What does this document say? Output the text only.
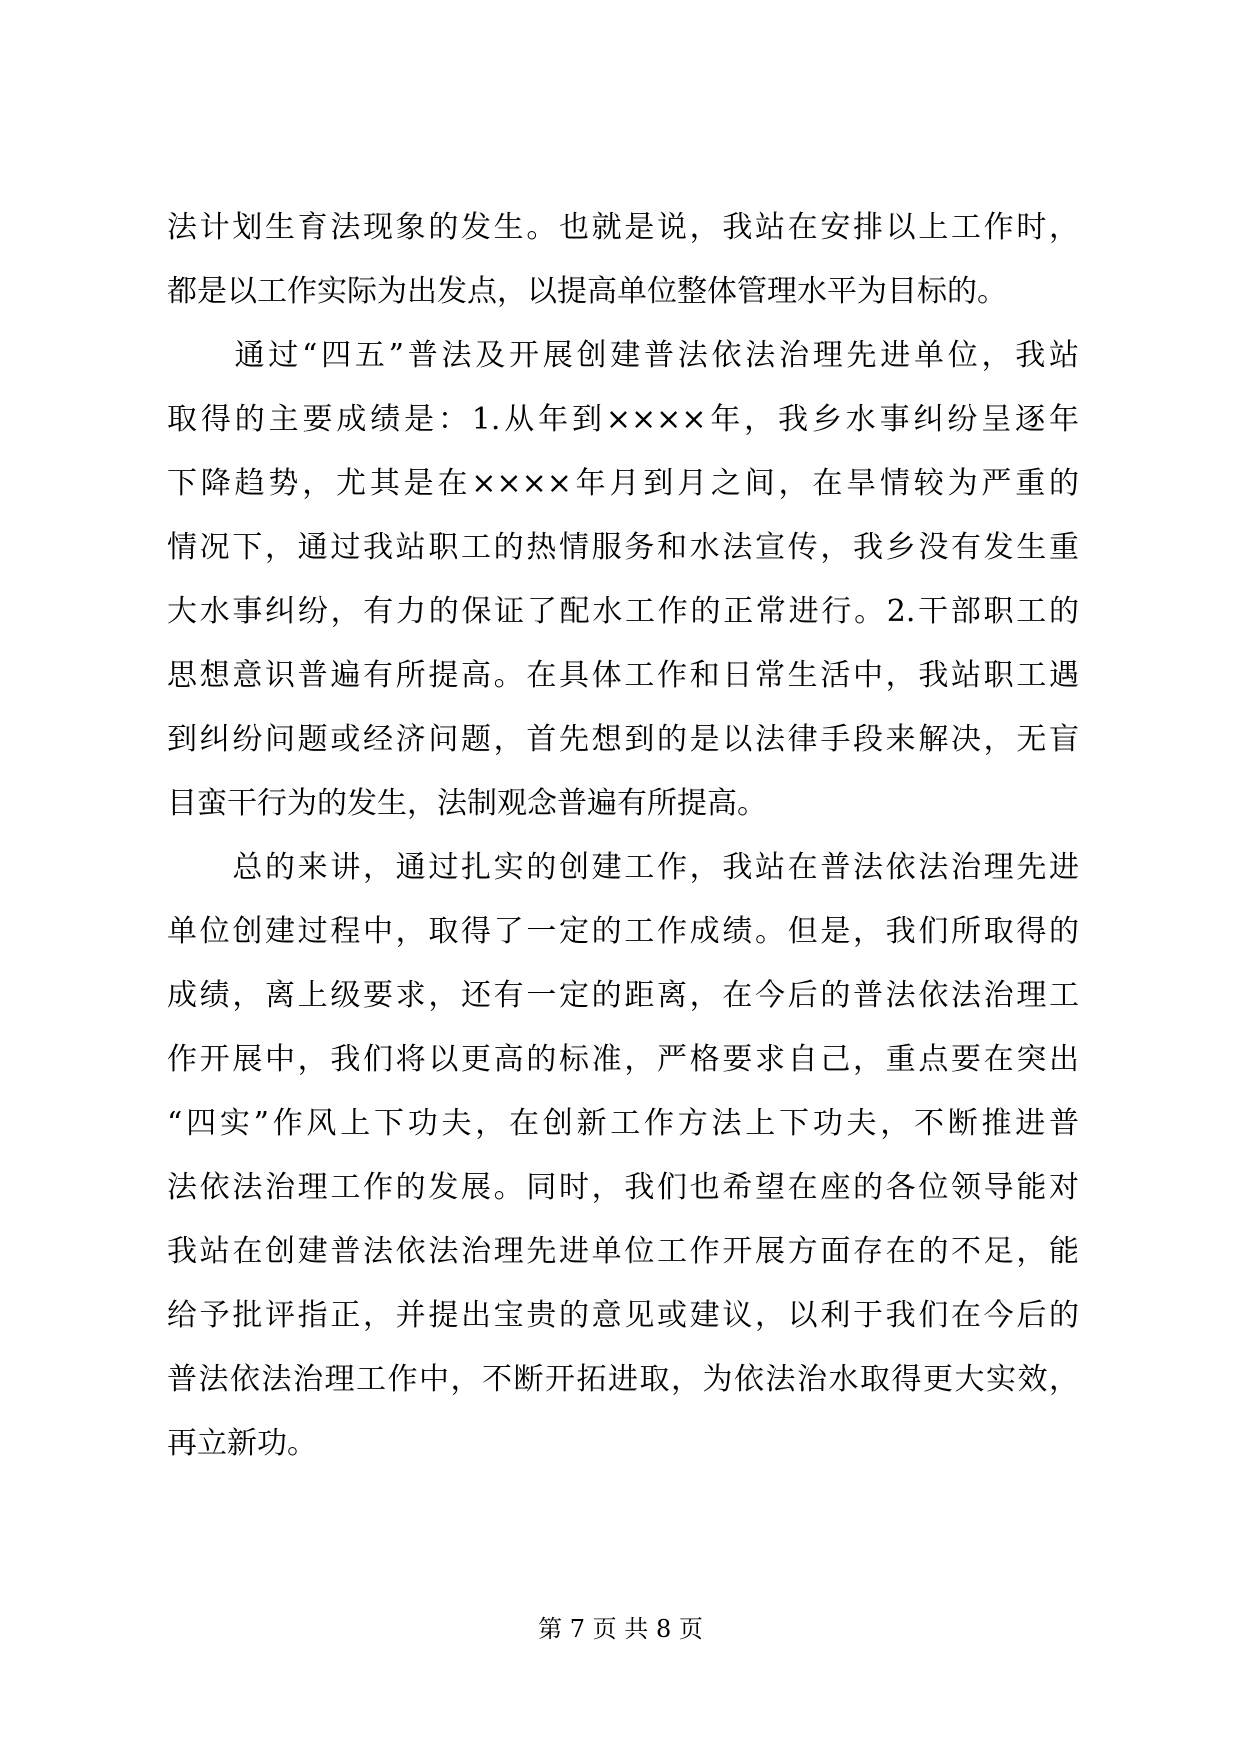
法计划生育法现象的发生。也就是说，我站在安排以上工作时，
都是以工作实际为出发点，以提高单位整体管理水平为目标的。
　　通过“四五”普法及开展创建普法依法治理先进单位，我站
取得的主要成绩是：1.从年到××××年，我乡水事纠纷呈逐年
下降趋势，尤其是在××××年月到月之间，在旱情较为严重的
情况下，通过我站职工的热情服务和水法宣传，我乡没有发生重
大水事纠纷，有力的保证了配水工作的正常进行。2.干部职工的
思想意识普遍有所提高。在具体工作和日常生活中，我站职工遇
到纠纷问题或经济问题，首先想到的是以法律手段来解决，无盲
目蛮干行为的发生，法制观念普遍有所提高。
　　总的来讲，通过扎实的创建工作，我站在普法依法治理先进
单位创建过程中，取得了一定的工作成绩。但是，我们所取得的
成绩，离上级要求，还有一定的距离，在今后的普法依法治理工
作开展中，我们将以更高的标准，严格要求自己，重点要在突出
“四实”作风上下功夫，在创新工作方法上下功夫，不断推进普
法依法治理工作的发展。同时，我们也希望在座的各位领导能对
我站在创建普法依法治理先进单位工作开展方面存在的不足，能
给予批评指正，并提出宝贵的意见或建议，以利于我们在今后的
普法依法治理工作中，不断开拓进取，为依法治水取得更大实效，
再立新功。
第 7 页 共 8 页
